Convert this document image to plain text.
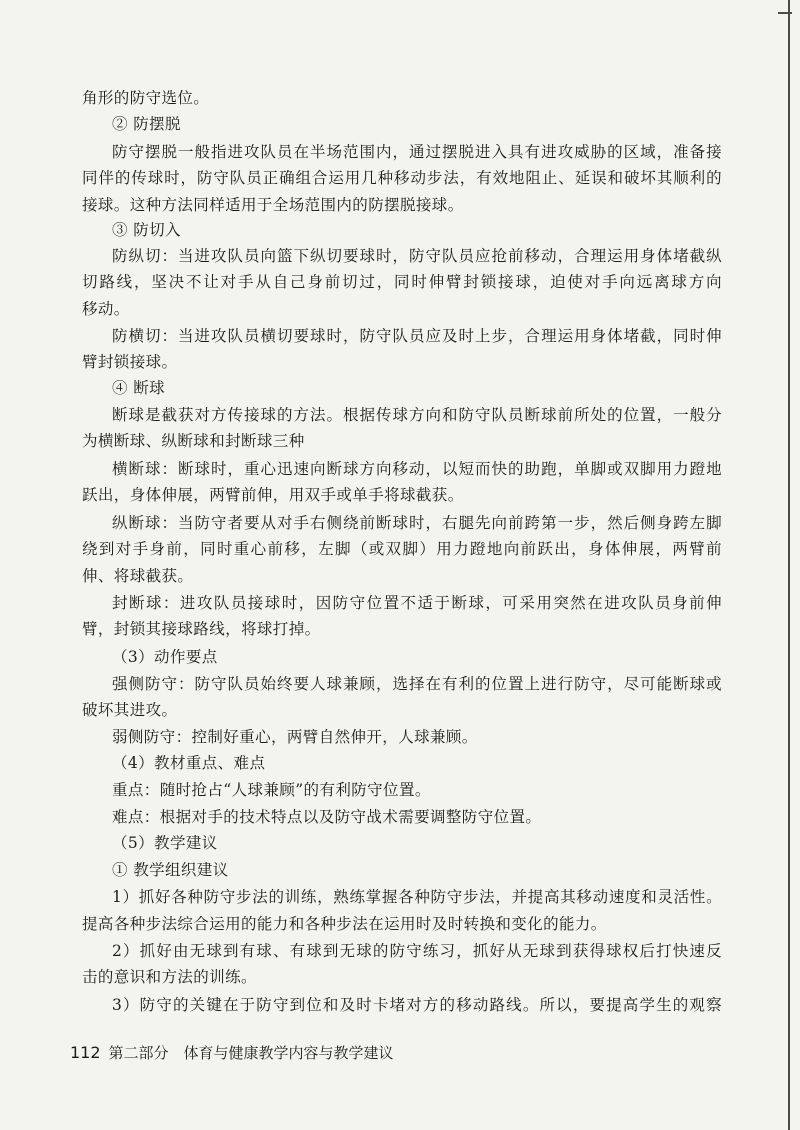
角形的防守选位。
② 防摆脱
防守摆脱一般指进攻队员在半场范围内，通过摆脱进入具有进攻威胁的区域，准备接
同伴的传球时，防守队员正确组合运用几种移动步法，有效地阻止、延误和破坏其顺利的
接球。这种方法同样适用于全场范围内的防摆脱接球。
③ 防切入
防纵切：当进攻队员向篮下纵切要球时，防守队员应抢前移动，合理运用身体堵截纵
切路线，坚决不让对手从自己身前切过，同时伸臂封锁接球，迫使对手向远离球方向
移动。
防横切：当进攻队员横切要球时，防守队员应及时上步，合理运用身体堵截，同时伸
臂封锁接球。
④ 断球
断球是截获对方传接球的方法。根据传球方向和防守队员断球前所处的位置，一般分
为横断球、纵断球和封断球三种
横断球：断球时，重心迅速向断球方向移动，以短而快的助跑，单脚或双脚用力蹬地
跃出，身体伸展，两臂前伸，用双手或单手将球截获。
纵断球：当防守者要从对手右侧绕前断球时，右腿先向前跨第一步，然后侧身跨左脚
绕到对手身前，同时重心前移，左脚（或双脚）用力蹬地向前跃出，身体伸展，两臂前
伸、将球截获。
封断球：进攻队员接球时，因防守位置不适于断球，可采用突然在进攻队员身前伸
臂，封锁其接球路线，将球打掉。
（3）动作要点
强侧防守：防守队员始终要人球兼顾，选择在有利的位置上进行防守，尽可能断球或
破坏其进攻。
弱侧防守：控制好重心，两臂自然伸开，人球兼顾。
（4）教材重点、难点
重点：随时抢占“人球兼顾”的有利防守位置。
难点：根据对手的技术特点以及防守战术需要调整防守位置。
（5）教学建议
① 教学组织建议
1）抓好各种防守步法的训练，熟练掌握各种防守步法，并提高其移动速度和灵活性。
提高各种步法综合运用的能力和各种步法在运用时及时转换和变化的能力。
2）抓好由无球到有球、有球到无球的防守练习，抓好从无球到获得球权后打快速反
击的意识和方法的训练。
3）防守的关键在于防守到位和及时卡堵对方的移动路线。所以，要提高学生的观察
112 第二部分　体育与健康教学内容与教学建议
